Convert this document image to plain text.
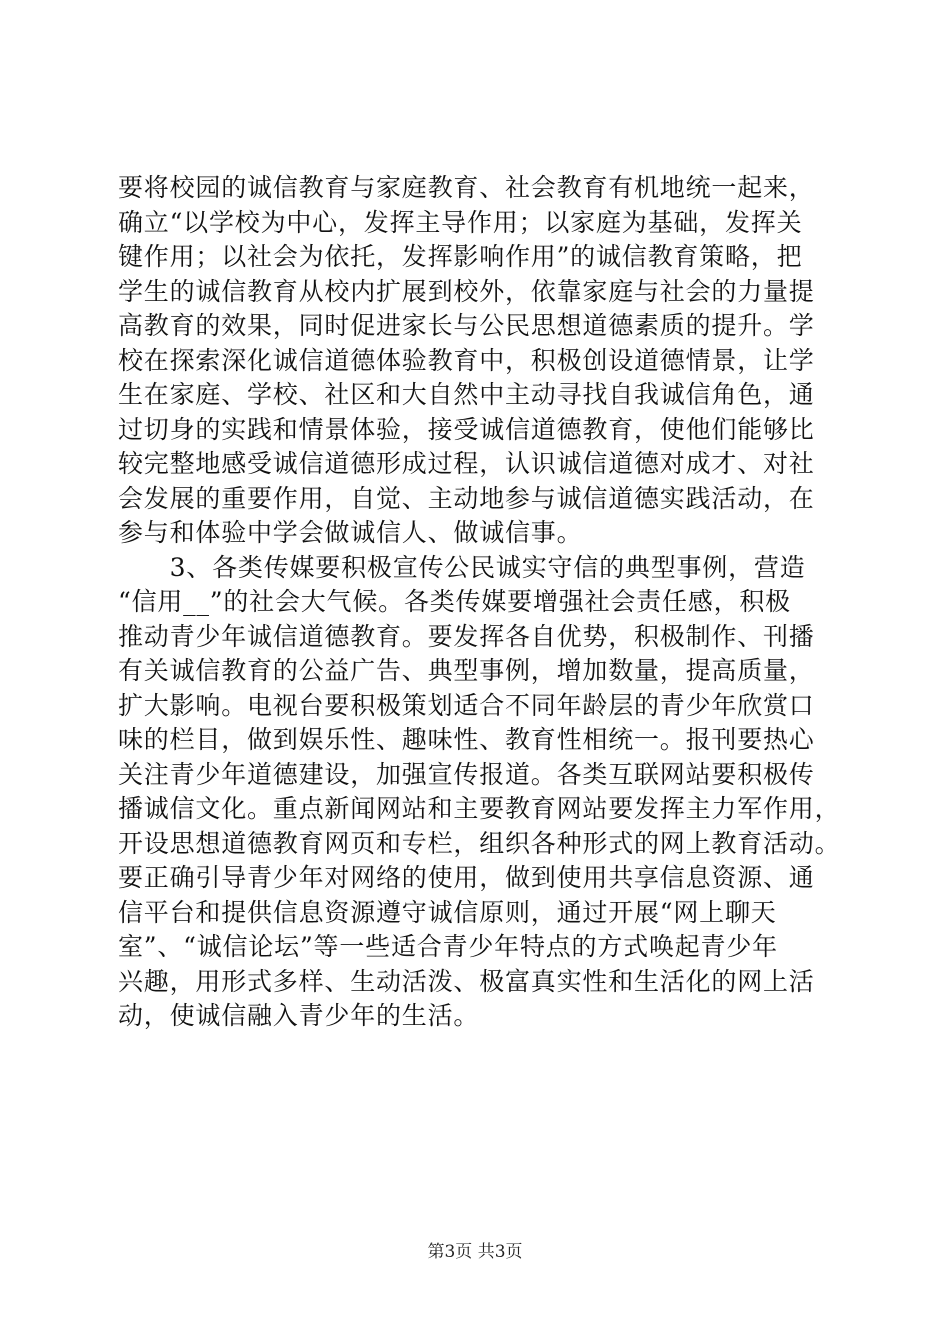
要将校园的诚信教育与家庭教育、社会教育有机地统一起来，
确立“以学校为中心，发挥主导作用；以家庭为基础，发挥关
键作用；以社会为依托，发挥影响作用”的诚信教育策略，把
学生的诚信教育从校内扩展到校外，依靠家庭与社会的力量提
高教育的效果，同时促进家长与公民思想道德素质的提升。学
校在探索深化诚信道德体验教育中，积极创设道德情景，让学
生在家庭、学校、社区和大自然中主动寻找自我诚信角色，通
过切身的实践和情景体验，接受诚信道德教育，使他们能够比
较完整地感受诚信道德形成过程，认识诚信道德对成才、对社
会发展的重要作用，自觉、主动地参与诚信道德实践活动，在
参与和体验中学会做诚信人、做诚信事。
　　3、各类传媒要积极宣传公民诚实守信的典型事例，营造
“信用__”的社会大气候。各类传媒要增强社会责任感，积极
推动青少年诚信道德教育。要发挥各自优势，积极制作、刊播
有关诚信教育的公益广告、典型事例，增加数量，提高质量，
扩大影响。电视台要积极策划适合不同年龄层的青少年欣赏口
味的栏目，做到娱乐性、趣味性、教育性相统一。报刊要热心
关注青少年道德建设，加强宣传报道。各类互联网站要积极传
播诚信文化。重点新闻网站和主要教育网站要发挥主力军作用，
开设思想道德教育网页和专栏，组织各种形式的网上教育活动。
要正确引导青少年对网络的使用，做到使用共享信息资源、通
信平台和提供信息资源遵守诚信原则，通过开展“网上聊天
室”、“诚信论坛”等一些适合青少年特点的方式唤起青少年
兴趣，用形式多样、生动活泼、极富真实性和生活化的网上活
动，使诚信融入青少年的生活。
第3页 共3页
